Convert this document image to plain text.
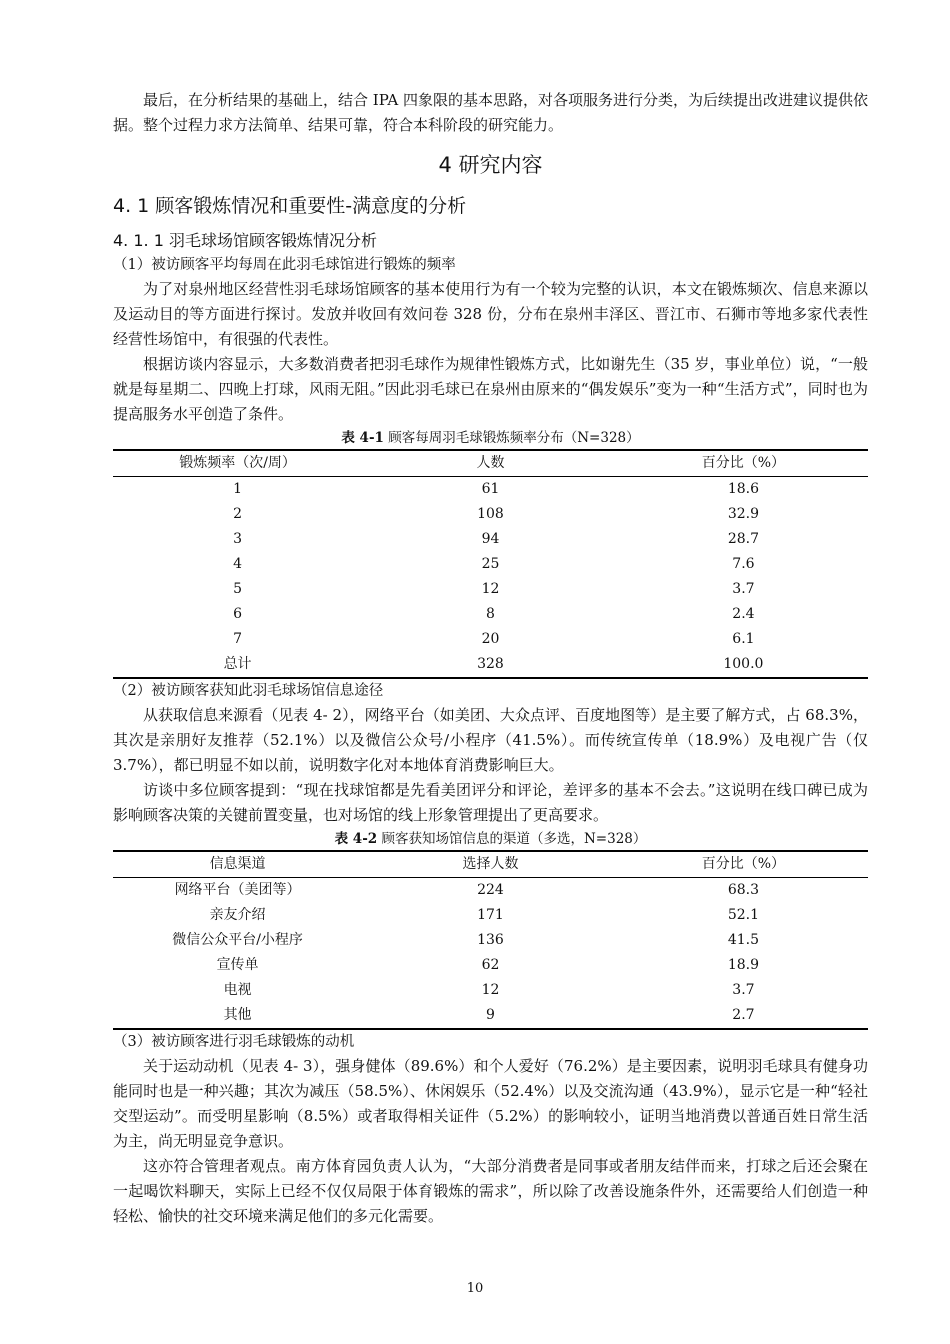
最后，在分析结果的基础上，结合 IPA 四象限的基本思路，对各项服务进行分类，为后续提出改进建议提供依据。整个过程力求方法简单、结果可靠，符合本科阶段的研究能力。

4 研究内容
4. 1 顾客锻炼情况和重要性-满意度的分析
4. 1. 1 羽毛球场馆顾客锻炼情况分析

（1）被访顾客平均每周在此羽毛球馆进行锻炼的频率

为了对泉州地区经营性羽毛球场馆顾客的基本使用行为有一个较为完整的认识，本文在锻炼频次、信息来源以及运动目的等方面进行探讨。发放并收回有效问卷 328 份，分布在泉州丰泽区、晋江市、石狮市等地多家代表性经营性场馆中，有很强的代表性。

根据访谈内容显示，大多数消费者把羽毛球作为规律性锻炼方式，比如谢先生（35 岁，事业单位）说，“一般就是每星期二、四晚上打球，风雨无阻。”因此羽毛球已在泉州由原来的“偶发娱乐”变为一种“生活方式”，同时也为提高服务水平创造了条件。

表 4-1 顾客每周羽毛球锻炼频率分布（N=328）

锻炼频率（次/周）	人数	百分比（%）
1	61	18.6
2	108	32.9
3	94	28.7
4	25	7.6
5	12	3.7
6	8	2.4
7	20	6.1
总计	328	100.0

（2）被访顾客获知此羽毛球场馆信息途径

从获取信息来源看（见表 4- 2），网络平台（如美团、大众点评、百度地图等）是主要了解方式，占 68.3%，其次是亲朋好友推荐（52.1%）以及微信公众号/小程序（41.5%）。而传统宣传单（18.9%）及电视广告（仅 3.7%），都已明显不如以前，说明数字化对本地体育消费影响巨大。

访谈中多位顾客提到：“现在找球馆都是先看美团评分和评论，差评多的基本不会去。”这说明在线口碑已成为影响顾客决策的关键前置变量，也对场馆的线上形象管理提出了更高要求。

表 4-2 顾客获知场馆信息的渠道（多选，N=328）

信息渠道	选择人数	百分比（%）
网络平台（美团等）	224	68.3
亲友介绍	171	52.1
微信公众平台/小程序	136	41.5
宣传单	62	18.9
电视	12	3.7
其他	9	2.7

（3）被访顾客进行羽毛球锻炼的动机

关于运动动机（见表 4- 3），强身健体（89.6%）和个人爱好（76.2%）是主要因素，说明羽毛球具有健身功能同时也是一种兴趣；其次为减压（58.5%）、休闲娱乐（52.4%）以及交流沟通（43.9%），显示它是一种“轻社交型运动”。而受明星影响（8.5%）或者取得相关证件（5.2%）的影响较小，证明当地消费以普通百姓日常生活为主，尚无明显竞争意识。

这亦符合管理者观点。南方体育园负责人认为，“大部分消费者是同事或者朋友结伴而来，打球之后还会聚在一起喝饮料聊天，实际上已经不仅仅局限于体育锻炼的需求”，所以除了改善设施条件外，还需要给人们创造一种轻松、愉快的社交环境来满足他们的多元化需要。

10
